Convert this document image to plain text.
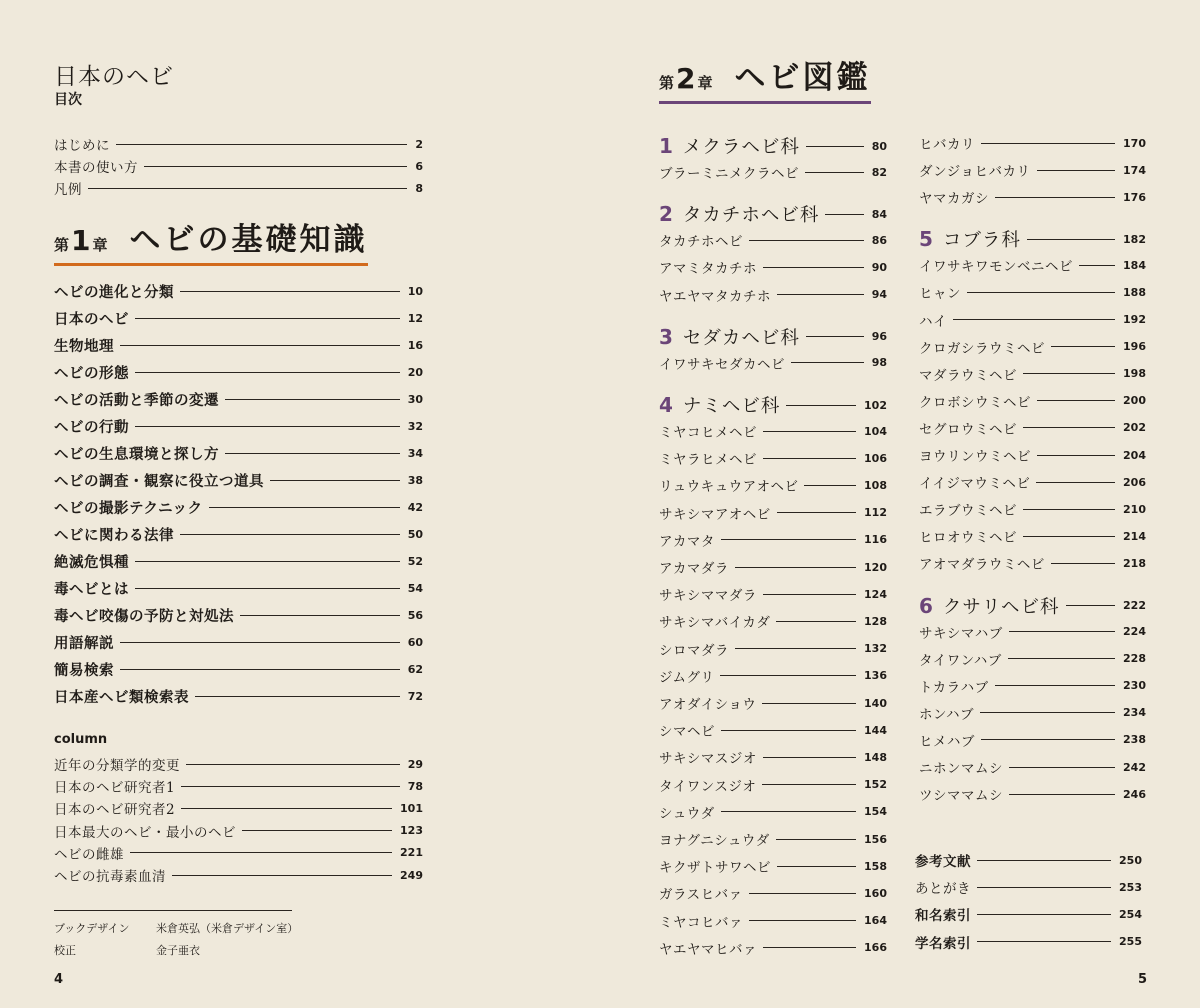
日本のヘビ
目次
はじめに	2
本書の使い方	6
凡例	8
第 1 章 ヘビの基礎知識
ヘビの進化と分類	10
日本のヘビ	12
生物地理	16
ヘビの形態	20
ヘビの活動と季節の変遷	30
ヘビの行動	32
ヘビの生息環境と探し方	34
ヘビの調査・観察に役立つ道具	38
ヘビの撮影テクニック	42
ヘビに関わる法律	50
絶滅危惧種	52
毒ヘビとは	54
毒ヘビ咬傷の予防と対処法	56
用語解説	60
簡易検索	62
日本産ヘビ類検索表	72
column
近年の分類学的変更	29
日本のヘビ研究者1	78
日本のヘビ研究者2	101
日本最大のヘビ・最小のヘビ	123
ヘビの雌雄	221
ヘビの抗毒素血清	249
ブックデザイン 米倉英弘（米倉デザイン室）
校正	金子亜衣
4
第 2 章 ヘビ図鑑
1 メクラヘビ科	80
ブラーミニメクラヘビ	82
2 タカチホヘビ科	84
タカチホヘビ	86
アマミタカチホ	90
ヤエヤマタカチホ	94
3 セダカヘビ科	96
イワサキセダカヘビ	98
4 ナミヘビ科	102
ミヤコヒメヘビ	104
ミヤラヒメヘビ	106
リュウキュウアオヘビ	108
サキシマアオヘビ	112
アカマタ	116
アカマダラ	120
サキシママダラ	124
サキシマバイカダ	128
シロマダラ	132
ジムグリ	136
アオダイショウ	140
シマヘビ	144
サキシマスジオ	148
タイワンスジオ	152
シュウダ	154
ヨナグニシュウダ	156
キクザトサワヘビ	158
ガラスヒバァ	160
ミヤコヒバァ	164
ヤエヤマヒバァ	166
ヒバカリ	170
ダンジョヒバカリ	174
ヤマカガシ	176
5 コブラ科	182
イワサキワモンベニヘビ	184
ヒャン	188
ハイ	192
クロガシラウミヘビ	196
マダラウミヘビ	198
クロボシウミヘビ	200
セグロウミヘビ	202
ヨウリンウミヘビ	204
イイジマウミヘビ	206
エラブウミヘビ	210
ヒロオウミヘビ	214
アオマダラウミヘビ	218
6 クサリヘビ科	222
サキシマハブ	224
タイワンハブ	228
トカラハブ	230
ホンハブ	234
ヒメハブ	238
ニホンマムシ	242
ツシママムシ	246
参考文献	250
あとがき	253
和名索引	254
学名索引	255
5
